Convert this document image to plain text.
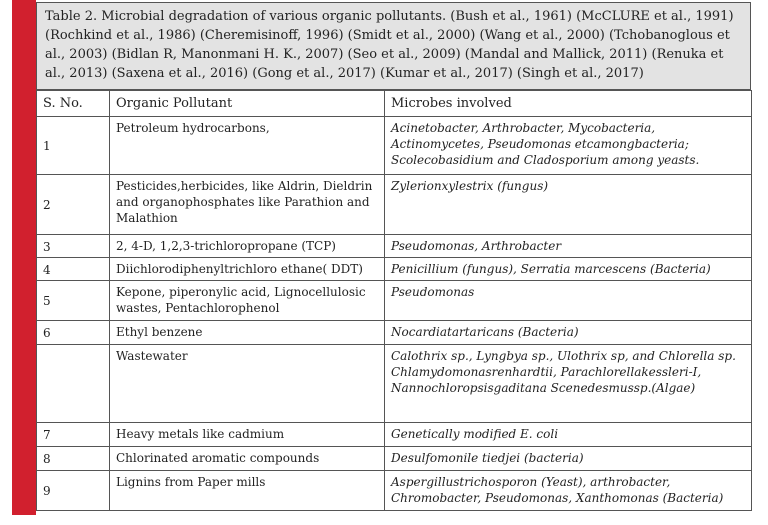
Table 2. Microbial degradation of various organic pollutants. (Bush et al., 1961) (McCLURE et al., 1991) (Rochkind et al., 1986) (Cheremisinoff, 1996) (Smidt et al., 2000) (Wang et al., 2000) (Tchobanoglous et al., 2003) (Bidlan R, Manonmani H. K., 2007) (Seo et al., 2009) (Mandal and Mallick, 2011) (Renuka et al., 2013) (Saxena et al., 2016) (Gong et al., 2017) (Kumar et al., 2017) (Singh et al., 2017)
S. No.	Organic Pollutant	Microbes involved
1	Petroleum hydrocarbons,	Acinetobacter, Arthrobacter, Mycobacteria, Actinomycetes, Pseudomonas etcamongbacteria; Scolecobasidium and Cladosporium among yeasts.
2	Pesticides,herbicides, like Aldrin, Dieldrin and organophosphates like Parathion and Malathion	Zylerionxylestrix (fungus)
3	2, 4-D, 1,2,3-trichloropropane (TCP)	Pseudomonas, Arthrobacter
4	Diichlorodiphenyltrichloro ethane( DDT)	Penicillium (fungus), Serratia marcescens (Bacteria)
5	Kepone, piperonylic acid, Lignocellulosic wastes, Pentachlorophenol	Pseudomonas
6	Ethyl benzene	Nocardiatartaricans (Bacteria)
	Wastewater	Calothrix sp., Lyngbya sp., Ulothrix sp, and Chlorella sp. Chlamydomonasrenhardtii, Parachlorellakessleri-I, Nannochloropsisgaditana Scenedesmussp.(Algae)
7	Heavy metals like cadmium	Genetically modified E. coli
8	Chlorinated aromatic compounds	Desulfomonile tiedjei (bacteria)
9	Lignins from Paper mills	Aspergillustrichosporon (Yeast), arthrobacter, Chromobacter, Pseudomonas, Xanthomonas (Bacteria)
